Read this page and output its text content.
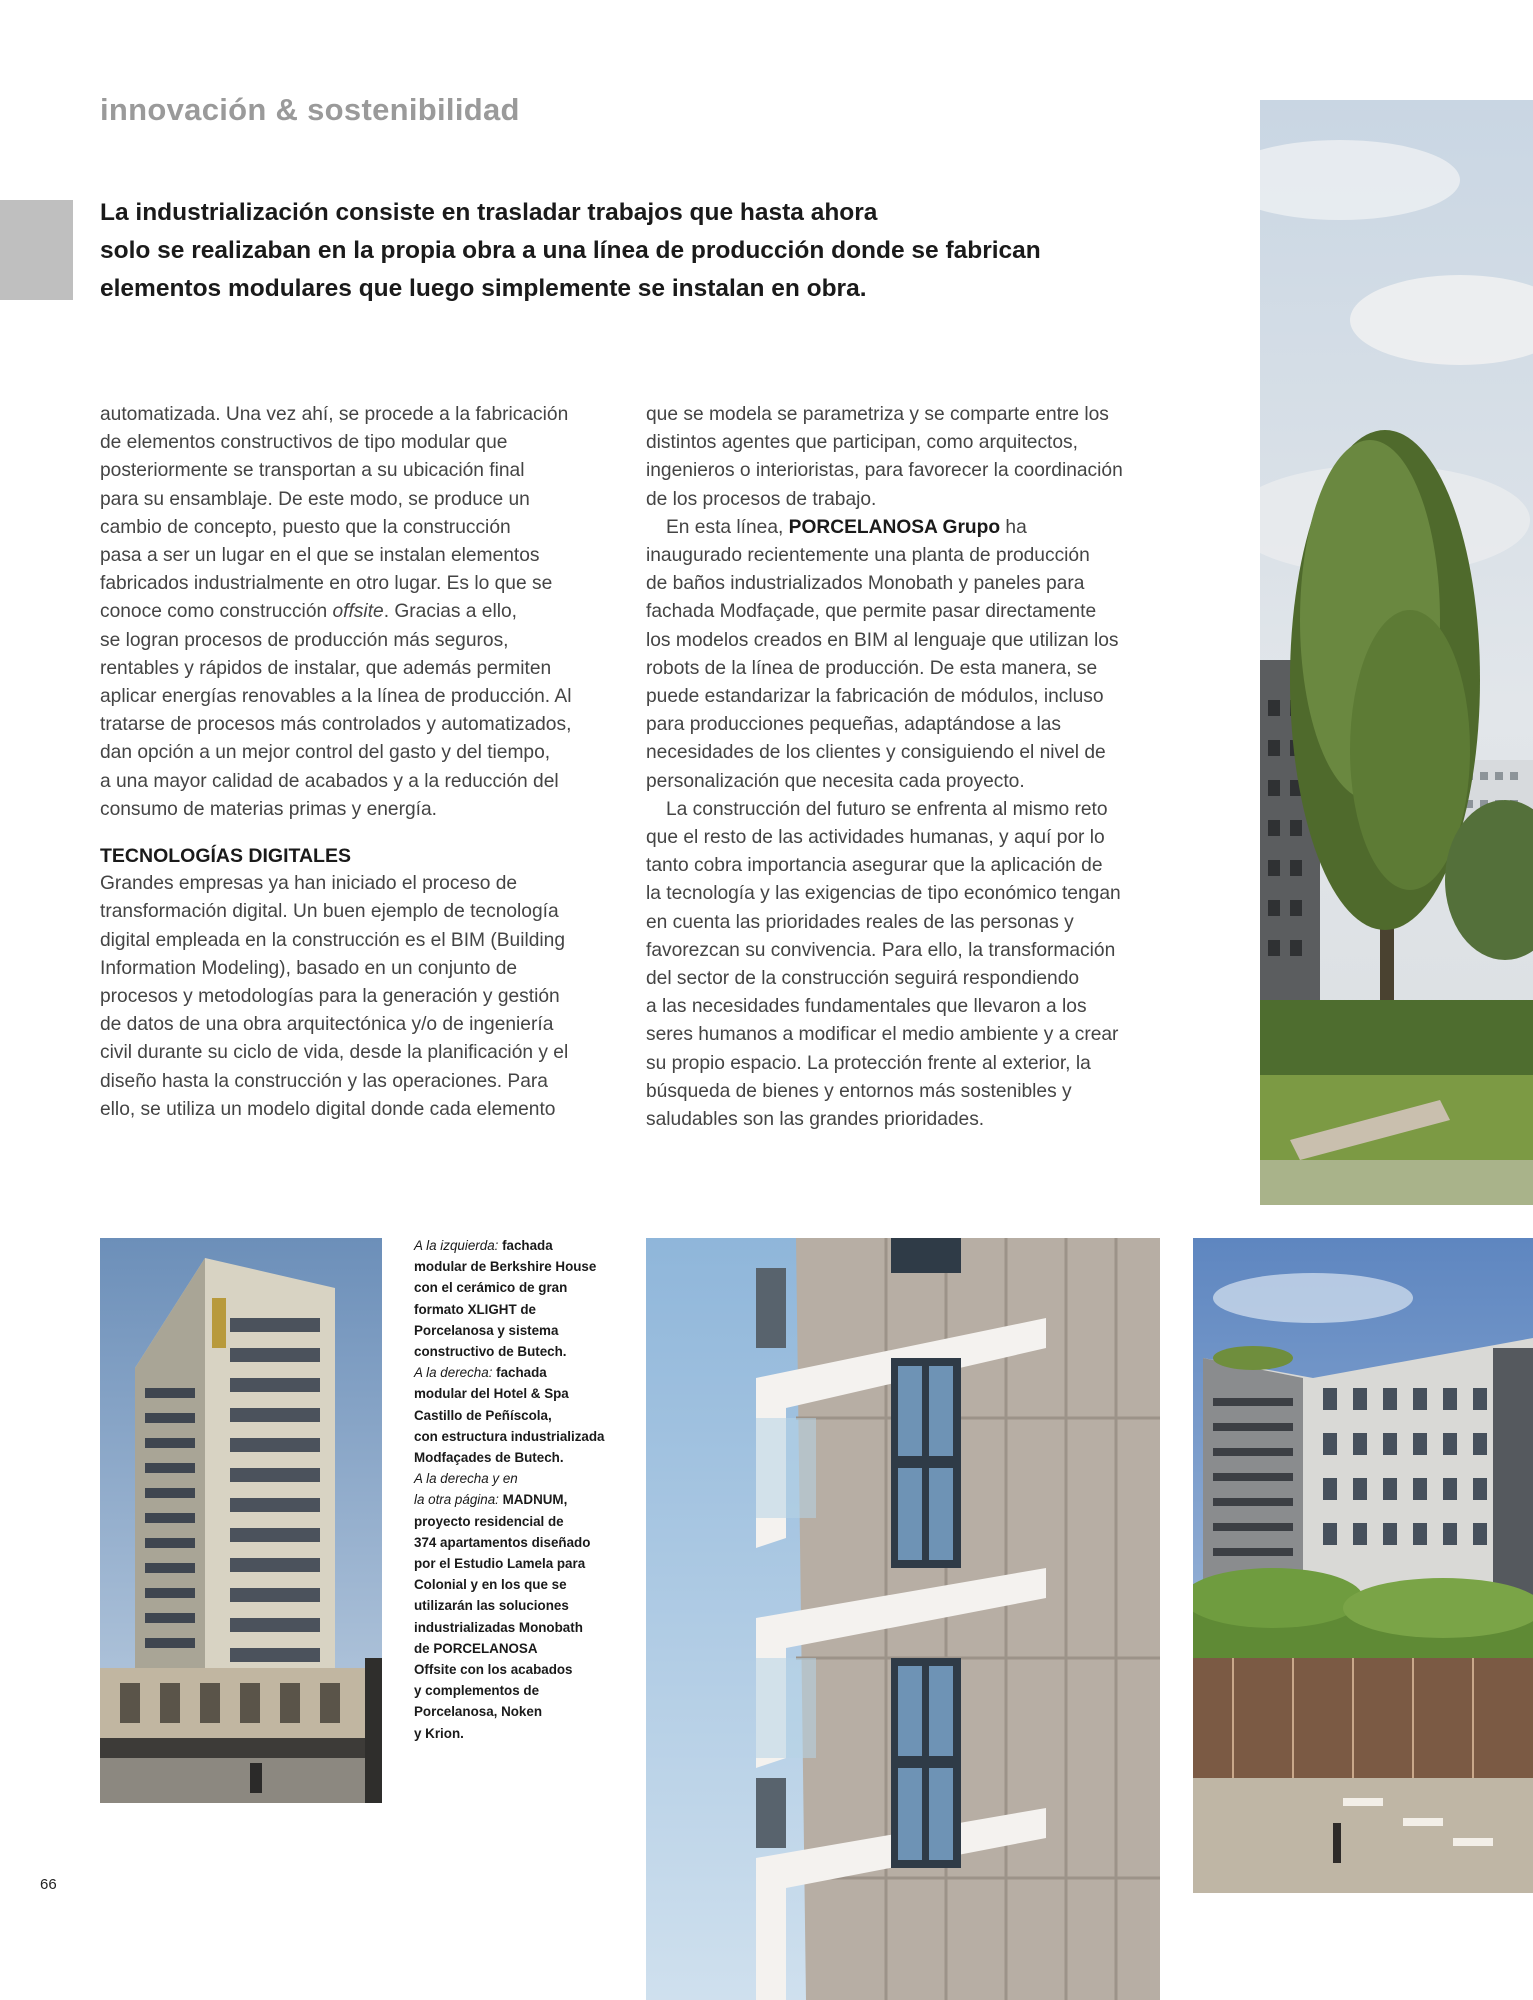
innovación & sostenibilidad
La industrialización consiste en trasladar trabajos que hasta ahora
solo se realizaban en la propia obra a una línea de producción donde se fabrican
elementos modulares que luego simplemente se instalan en obra.
automatizada. Una vez ahí, se procede a la fabricación
de elementos constructivos de tipo modular que
posteriormente se transportan a su ubicación final
para su ensamblaje. De este modo, se produce un
cambio de concepto, puesto que la construcción
pasa a ser un lugar en el que se instalan elementos
fabricados industrialmente en otro lugar. Es lo que se
conoce como construcción offsite. Gracias a ello,
se logran procesos de producción más seguros,
rentables y rápidos de instalar, que además permiten
aplicar energías renovables a la línea de producción. Al
tratarse de procesos más controlados y automatizados,
dan opción a un mejor control del gasto y del tiempo,
a una mayor calidad de acabados y a la reducción del
consumo de materias primas y energía.
TECNOLOGÍAS DIGITALES
Grandes empresas ya han iniciado el proceso de
transformación digital. Un buen ejemplo de tecnología
digital empleada en la construcción es el BIM (Building
Information Modeling), basado en un conjunto de
procesos y metodologías para la generación y gestión
de datos de una obra arquitectónica y/o de ingeniería
civil durante su ciclo de vida, desde la planificación y el
diseño hasta la construcción y las operaciones. Para
ello, se utiliza un modelo digital donde cada elemento
que se modela se parametriza y se comparte entre los
distintos agentes que participan, como arquitectos,
ingenieros o interioristas, para favorecer la coordinación
de los procesos de trabajo.
En esta línea, PORCELANOSA Grupo ha
inaugurado recientemente una planta de producción
de baños industrializados Monobath y paneles para
fachada Modfaçade, que permite pasar directamente
los modelos creados en BIM al lenguaje que utilizan los
robots de la línea de producción. De esta manera, se
puede estandarizar la fabricación de módulos, incluso
para producciones pequeñas, adaptándose a las
necesidades de los clientes y consiguiendo el nivel de
personalización que necesita cada proyecto.
La construcción del futuro se enfrenta al mismo reto
que el resto de las actividades humanas, y aquí por lo
tanto cobra importancia asegurar que la aplicación de
la tecnología y las exigencias de tipo económico tengan
en cuenta las prioridades reales de las personas y
favorezcan su convivencia. Para ello, la transformación
del sector de la construcción seguirá respondiendo
a las necesidades fundamentales que llevaron a los
seres humanos a modificar el medio ambiente y a crear
su propio espacio. La protección frente al exterior, la
búsqueda de bienes y entornos más sostenibles y
saludables son las grandes prioridades.
A la izquierda: fachada
modular de Berkshire House
con el cerámico de gran
formato XLIGHT de
Porcelanosa y sistema
constructivo de Butech.
A la derecha: fachada
modular del Hotel & Spa
Castillo de Peñíscola,
con estructura industrializada
Modfaçades de Butech.
A la derecha y en
la otra página: MADNUM,
proyecto residencial de
374 apartamentos diseñado
por el Estudio Lamela para
Colonial y en los que se
utilizarán las soluciones
industrializadas Monobath
de PORCELANOSA
Offsite con los acabados
y complementos de
Porcelanosa, Noken
y Krion.
66
